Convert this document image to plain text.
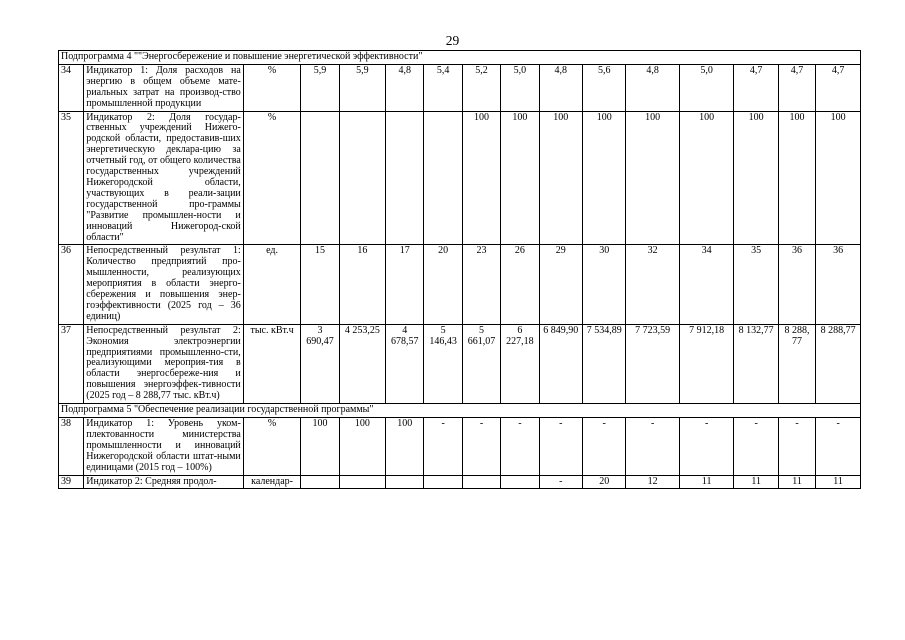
29
Подпрограмма 4 ""Энергосбережение и повышение энергетической эффективности"															
34	Индикатор 1: Доля расходов на энергию в общем объеме мате-риальных затрат на производ-ство промышленной продукции	%	5,9	5,9	4,8	5,4	5,2	5,0	4,8	5,6	4,8	5,0	4,7	4,7	4,7
35	Индикатор 2: Доля государ-ственных учреждений Нижего-родской области, предоставив-ших энергетическую деклара-цию за отчетный год, от общего количества государственных учреждений Нижегородской области, участвующих в реали-зации государственной про-граммы "Развитие промышлен-ности и инноваций Нижегород-ской области"	%					100	100	100	100	100	100	100	100	100
36	Непосредственный результат 1: Количество предприятий про-мышленности, реализующих мероприятия в области энерго-сбережения и повышения энер-гоэффективности (2025 год – 36 единиц)	ед.	15	16	17	20	23	26	29	30	32	34	35	36	36
37	Непосредственный результат 2: Экономия электроэнергии предприятиями промышленно-сти, реализующими мероприя-тия в области энергосбереже-ния и повышения энергоэффек-тивности (2025 год – 8 288,77 тыс. кВт.ч)	тыс. кВт.ч	3 690,47	4 253,25	4 678,57	5 146,43	5 661,07	6 227,18	6 849,90	7 534,89	7 723,59	7 912,18	8 132,77	8 288, 77	8 288,77
Подпрограмма 5 "Обеспечение реализации государственной программы"															
38	Индикатор 1: Уровень уком-плектованности министерства промышленности и инноваций Нижегородской области штат-ными единицами (2015 год – 100%)	%	100	100	100	-	-	-	-	-	-	-	-	-	-
39	Индикатор 2: Средняя продол-	календар-							-	20	12	11	11	11	11
